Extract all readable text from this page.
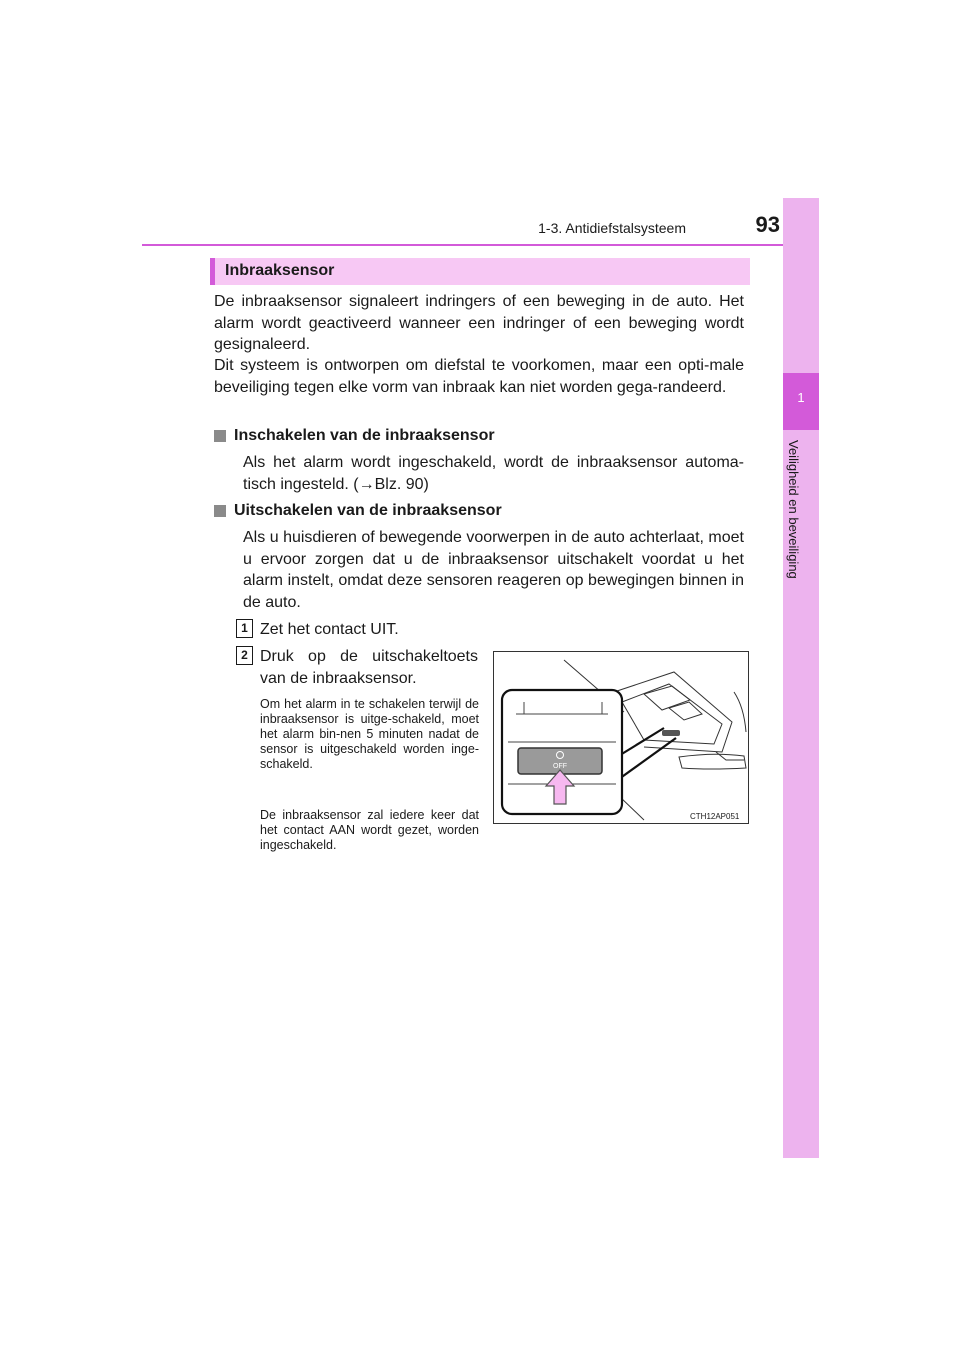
1-3. Antidiefstalsysteem	93
1
Veiligheid en beveiliging
Inbraaksensor
De inbraaksensor signaleert indringers of een beweging in de auto. Het alarm wordt geactiveerd wanneer een indringer of een beweging wordt gesignaleerd.
Dit systeem is ontworpen om diefstal te voorkomen, maar een opti-male beveiliging tegen elke vorm van inbraak kan niet worden gega-randeerd.
Inschakelen van de inbraaksensor
Als het alarm wordt ingeschakeld, wordt de inbraaksensor automa-tisch ingesteld. (→Blz. 90)
Uitschakelen van de inbraaksensor
Als u huisdieren of bewegende voorwerpen in de auto achterlaat, moet u ervoor zorgen dat u de inbraaksensor uitschakelt voordat u het alarm instelt, omdat deze sensoren reageren op bewegingen binnen in de auto.
1 Zet het contact UIT.
2 Druk op de uitschakeltoets van de inbraaksensor.
Om het alarm in te schakelen terwijl de inbraaksensor is uitge-schakeld, moet het alarm bin-nen 5 minuten nadat de sensor is uitgeschakeld worden inge-schakeld.
De inbraaksensor zal iedere keer dat het contact AAN wordt gezet, worden ingeschakeld.
OFF
CTH12AP051
